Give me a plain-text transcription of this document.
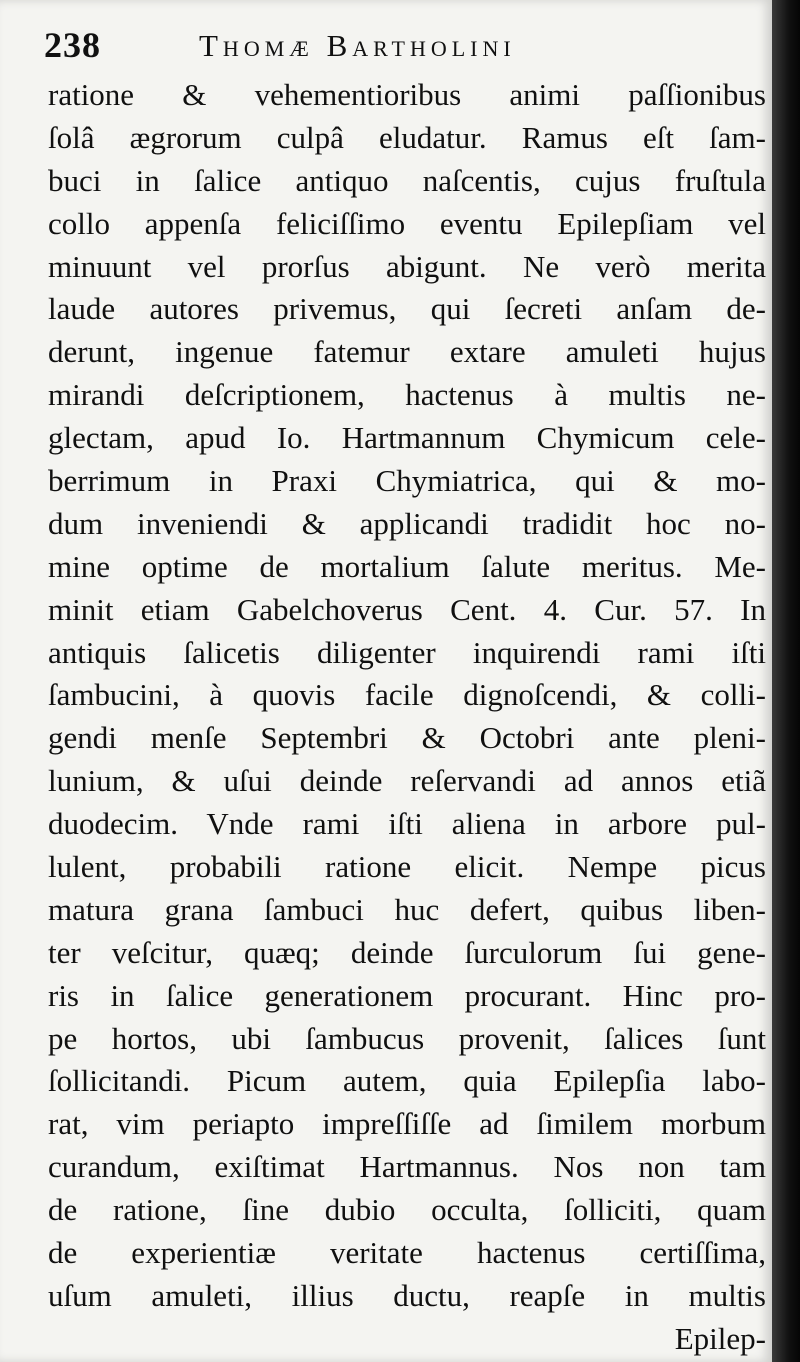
238	Thomæ Bartholini
ratione & vehementioribus animi paſſionibus
ſolâ ægrorum culpâ eludatur. Ramus eſt ſam-
buci in ſalice antiquo naſcentis, cujus fruſtula
collo appenſa feliciſſimo eventu Epilepſiam vel
minuunt vel prorſus abigunt. Ne verò merita
laude autores privemus, qui ſecreti anſam de-
derunt, ingenue fatemur extare amuleti hujus
mirandi deſcriptionem, hactenus à multis ne-
glectam, apud Io. Hartmannum Chymicum cele-
berrimum in Praxi Chymiatrica, qui & mo-
dum inveniendi & applicandi tradidit hoc no-
mine optime de mortalium ſalute meritus. Me-
minit etiam Gabelchoverus Cent. 4. Cur. 57. In
antiquis ſalicetis diligenter inquirendi rami iſti
ſambucini, à quovis facile dignoſcendi, & colli-
gendi menſe Septembri & Octobri ante pleni-
lunium, & uſui deinde reſervandi ad annos etiã
duodecim. Vnde rami iſti aliena in arbore pul-
lulent, probabili ratione elicit. Nempe picus
matura grana ſambuci huc defert, quibus liben-
ter veſcitur, quæq; deinde ſurculorum ſui gene-
ris in ſalice generationem procurant. Hinc pro-
pe hortos, ubi ſambucus provenit, ſalices ſunt
ſollicitandi. Picum autem, quia Epilepſia labo-
rat, vim periapto impreſſiſſe ad ſimilem morbum
curandum, exiſtimat Hartmannus. Nos non tam
de ratione, ſine dubio occulta, ſolliciti, quam
de experientiæ veritate hactenus certiſſima,
uſum amuleti, illius ductu, reapſe in multis
Epilep-
